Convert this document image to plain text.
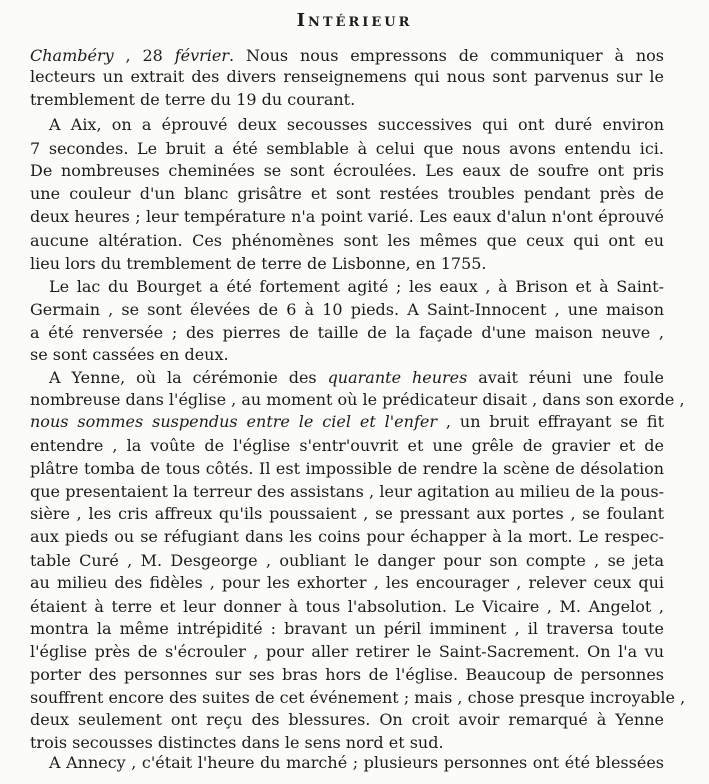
Intérieur
Chambéry , 28 février. Nous nous empressons de communiquer à nos
lecteurs un extrait des divers renseignemens qui nous sont parvenus sur le
tremblement de terre du 19 du courant.
A Aix, on a éprouvé deux secousses successives qui ont duré environ
7 secondes. Le bruit a été semblable à celui que nous avons entendu ici.
De nombreuses cheminées se sont écroulées. Les eaux de soufre ont pris
une couleur d'un blanc grisâtre et sont restées troubles pendant près de
deux heures ; leur température n'a point varié. Les eaux d'alun n'ont éprouvé
aucune altération. Ces phénomènes sont les mêmes que ceux qui ont eu
lieu lors du tremblement de terre de Lisbonne, en 1755.
Le lac du Bourget a été fortement agité ; les eaux , à Brison et à Saint-
Germain , se sont élevées de 6 à 10 pieds. A Saint-Innocent , une maison
a été renversée ; des pierres de taille de la façade d'une maison neuve ,
se sont cassées en deux.
A Yenne, où la cérémonie des quarante heures avait réuni une foule
nombreuse dans l'église , au moment où le prédicateur disait , dans son exorde ,
nous sommes suspendus entre le ciel et l'enfer , un bruit effrayant se fit
entendre , la voûte de l'église s'entr'ouvrit et une grêle de gravier et de
plâtre tomba de tous côtés. Il est impossible de rendre la scène de désolation
que presentaient la terreur des assistans , leur agitation au milieu de la pous-
sière , les cris affreux qu'ils poussaient , se pressant aux portes , se foulant
aux pieds ou se réfugiant dans les coins pour échapper à la mort. Le respec-
table Curé , M. Desgeorge , oubliant le danger pour son compte , se jeta
au milieu des fidèles , pour les exhorter , les encourager , relever ceux qui
étaient à terre et leur donner à tous l'absolution. Le Vicaire , M. Angelot ,
montra la même intrépidité : bravant un péril imminent , il traversa toute
l'église près de s'écrouler , pour aller retirer le Saint-Sacrement. On l'a vu
porter des personnes sur ses bras hors de l'église. Beaucoup de personnes
souffrent encore des suites de cet événement ; mais , chose presque incroyable ,
deux seulement ont reçu des blessures. On croit avoir remarqué à Yenne
trois secousses distinctes dans le sens nord et sud.
A Annecy , c'était l'heure du marché ; plusieurs personnes ont été blessées
